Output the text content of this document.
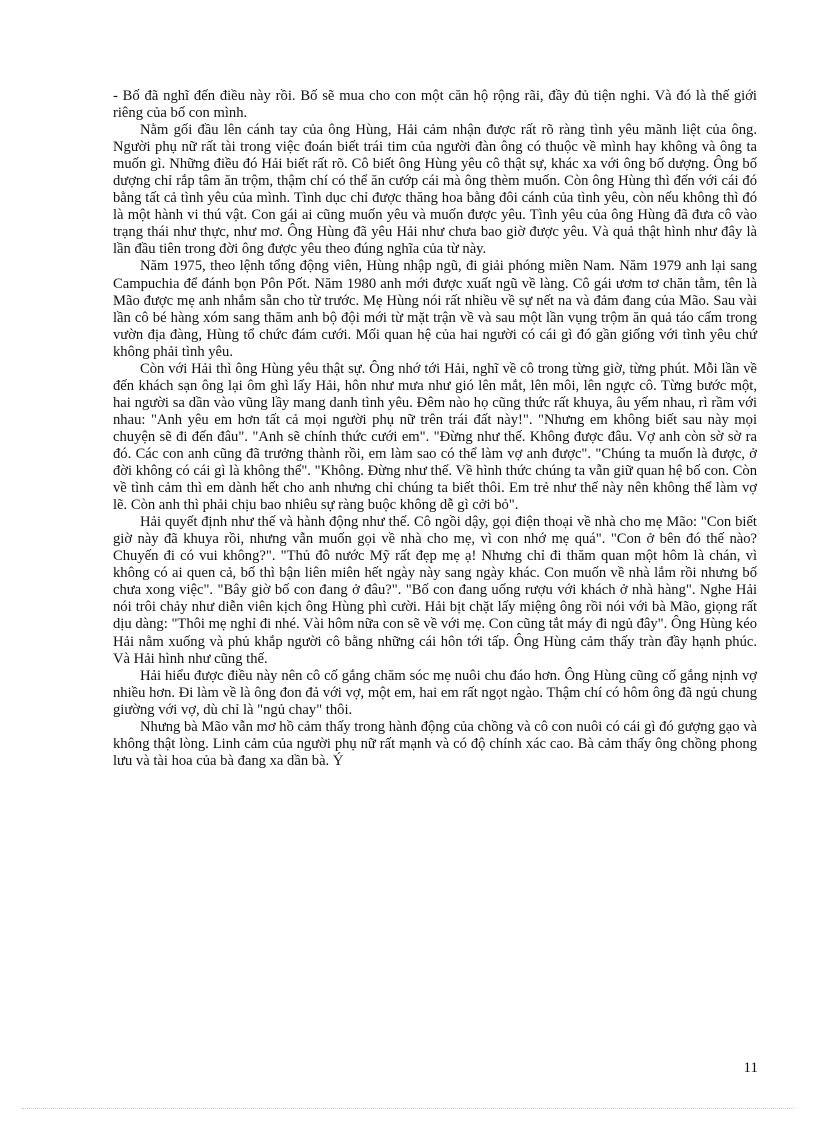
- Bố đã nghĩ đến điều này rồi. Bố sẽ mua cho con một căn hộ rộng rãi, đầy đủ tiện nghi. Và đó là thế giới riêng của bố con mình.

Nằm gối đầu lên cánh tay của ông Hùng, Hải cảm nhận được rất rõ ràng tình yêu mãnh liệt của ông. Người phụ nữ rất tài trong việc đoán biết trái tim của người đàn ông có thuộc về mình hay không và ông ta muốn gì. Những điều đó Hải biết rất rõ. Cô biết ông Hùng yêu cô thật sự, khác xa với ông bố dượng. Ông bố dượng chỉ rắp tâm ăn trộm, thậm chí có thể ăn cướp cái mà ông thèm muốn. Còn ông Hùng thì đến với cái đó bằng tất cả tình yêu của mình. Tình dục chỉ được thăng hoa bằng đôi cánh của tình yêu, còn nếu không thì đó là một hành vi thú vật. Con gái ai cũng muốn yêu và muốn được yêu. Tình yêu của ông Hùng đã đưa cô vào trạng thái như thực, như mơ. Ông Hùng đã yêu Hải như chưa bao giờ được yêu. Và quả thật hình như đây là lần đầu tiên trong đời ông được yêu theo đúng nghĩa của từ này.

Năm 1975, theo lệnh tổng động viên, Hùng nhập ngũ, đi giải phóng miền Nam. Năm 1979 anh lại sang Campuchia để đánh bọn Pôn Pốt. Năm 1980 anh mới được xuất ngũ về làng. Cô gái ươm tơ chăn tằm, tên là Mão được mẹ anh nhắm sẵn cho từ trước. Mẹ Hùng nói rất nhiều về sự nết na và đảm đang của Mão. Sau vài lần cô bé hàng xóm sang thăm anh bộ đội mới từ mặt trận về và sau một lần vụng trộm ăn quả táo cấm trong vườn địa đàng, Hùng tổ chức đám cưới. Mối quan hệ của hai người có cái gì đó gần giống với tình yêu chứ không phải tình yêu.

Còn với Hải thì ông Hùng yêu thật sự. Ông nhớ tới Hải, nghĩ về cô trong từng giờ, từng phút. Mỗi lần về đến khách sạn ông lại ôm ghì lấy Hải, hôn như mưa như gió lên mắt, lên môi, lên ngực cô. Từng bước một, hai người sa dần vào vũng lầy mang danh tình yêu. Đêm nào họ cũng thức rất khuya, âu yếm nhau, rì rầm với nhau: "Anh yêu em hơn tất cả mọi người phụ nữ trên trái đất này!". "Nhưng em không biết sau này mọi chuyện sẽ đi đến đâu". "Anh sẽ chính thức cưới em". "Đừng như thế. Không được đâu. Vợ anh còn sờ sờ ra đó. Các con anh cũng đã trưởng thành rồi, em làm sao có thể làm vợ anh được". "Chúng ta muốn là được, ở đời không có cái gì là không thể". "Không. Đừng như thế. Về hình thức chúng ta vẫn giữ quan hệ bố con. Còn về tình cảm thì em dành hết cho anh nhưng chỉ chúng ta biết thôi. Em trẻ như thế này nên không thể làm vợ lẽ. Còn anh thì phải chịu bao nhiêu sự ràng buộc không dễ gì cởi bỏ".

Hải quyết định như thế và hành động như thế. Cô ngồi dậy, gọi điện thoại về nhà cho mẹ Mão: "Con biết giờ này đã khuya rồi, nhưng vẫn muốn gọi về nhà cho mẹ, vì con nhớ mẹ quá". "Con ở bên đó thế nào? Chuyến đi có vui không?". "Thủ đô nước Mỹ rất đẹp mẹ ạ! Nhưng chỉ đi thăm quan một hôm là chán, vì không có ai quen cả, bố thì bận liên miên hết ngày này sang ngày khác. Con muốn về nhà lắm rồi nhưng bố chưa xong việc". "Bây giờ bố con đang ở đâu?". "Bố con đang uống rượu với khách ở nhà hàng". Nghe Hải nói trôi chảy như diễn viên kịch ông Hùng phì cười. Hải bịt chặt lấy miệng ông rồi nói với bà Mão, giọng rất dịu dàng: "Thôi mẹ nghỉ đi nhé. Vài hôm nữa con sẽ về với mẹ. Con cũng tắt máy đi ngủ đây". Ông Hùng kéo Hải nằm xuống và phủ khắp người cô bằng những cái hôn tới tấp. Ông Hùng cảm thấy tràn đầy hạnh phúc. Và Hải hình như cũng thế.

Hải hiểu được điều này nên cô cố gắng chăm sóc mẹ nuôi chu đáo hơn. Ông Hùng cũng cố gắng nịnh vợ nhiều hơn. Đi làm về là ông đon đả với vợ, một em, hai em rất ngọt ngào. Thậm chí có hôm ông đã ngủ chung giường với vợ, dù chỉ là "ngủ chay" thôi.

Nhưng bà Mão vẫn mơ hồ cảm thấy trong hành động của chồng và cô con nuôi có cái gì đó gượng gạo và không thật lòng. Linh cảm của người phụ nữ rất mạnh và có độ chính xác cao. Bà cảm thấy ông chồng phong lưu và tài hoa của bà đang xa dần bà. Ý

11
